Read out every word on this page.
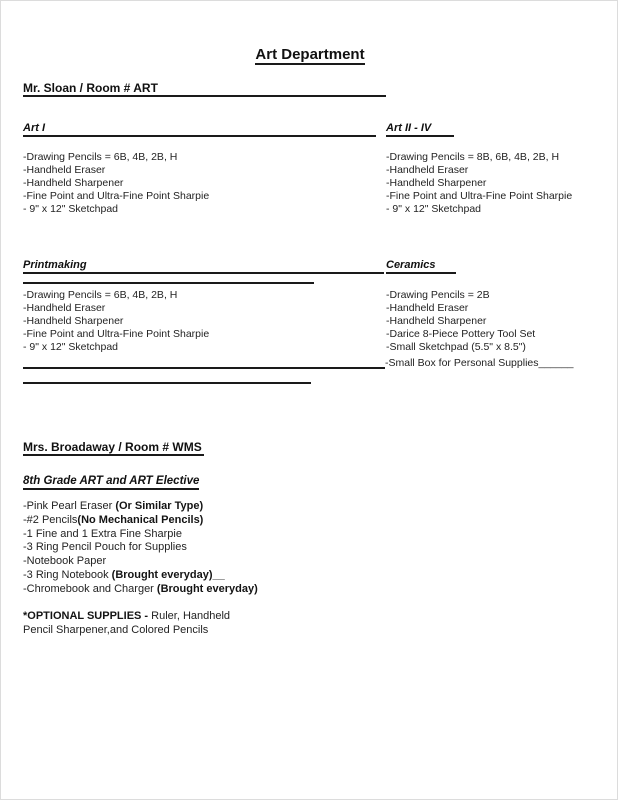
Art Department
Mr. Sloan / Room # ART
Art I	Art II - IV
-Drawing Pencils = 6B, 4B, 2B, H
-Handheld Eraser
-Handheld Sharpener
-Fine Point and Ultra-Fine Point Sharpie
- 9" x 12" Sketchpad
-Drawing Pencils = 8B, 6B, 4B, 2B, H
-Handheld Eraser
-Handheld Sharpener
-Fine Point and Ultra-Fine Point Sharpie
- 9" x 12" Sketchpad
Printmaking	Ceramics
-Drawing Pencils = 6B, 4B, 2B, H
-Handheld Eraser
-Handheld Sharpener
-Fine Point and Ultra-Fine Point Sharpie
- 9" x 12" Sketchpad
-Drawing Pencils = 2B
-Handheld Eraser
-Handheld Sharpener
-Darice 8-Piece Pottery Tool Set
-Small Sketchpad (5.5" x 8.5")
-Small Box for Personal Supplies______
Mrs. Broadaway / Room # WMS
8th Grade ART and ART Elective
-Pink Pearl Eraser (Or Similar Type)
-#2 Pencils(No Mechanical Pencils)
-1 Fine and 1 Extra Fine Sharpie
-3 Ring Pencil Pouch for Supplies
-Notebook Paper
-3 Ring Notebook (Brought everyday)__
-Chromebook and Charger (Brought everyday)
*OPTIONAL SUPPLIES - Ruler, Handheld
Pencil Sharpener,and Colored Pencils
